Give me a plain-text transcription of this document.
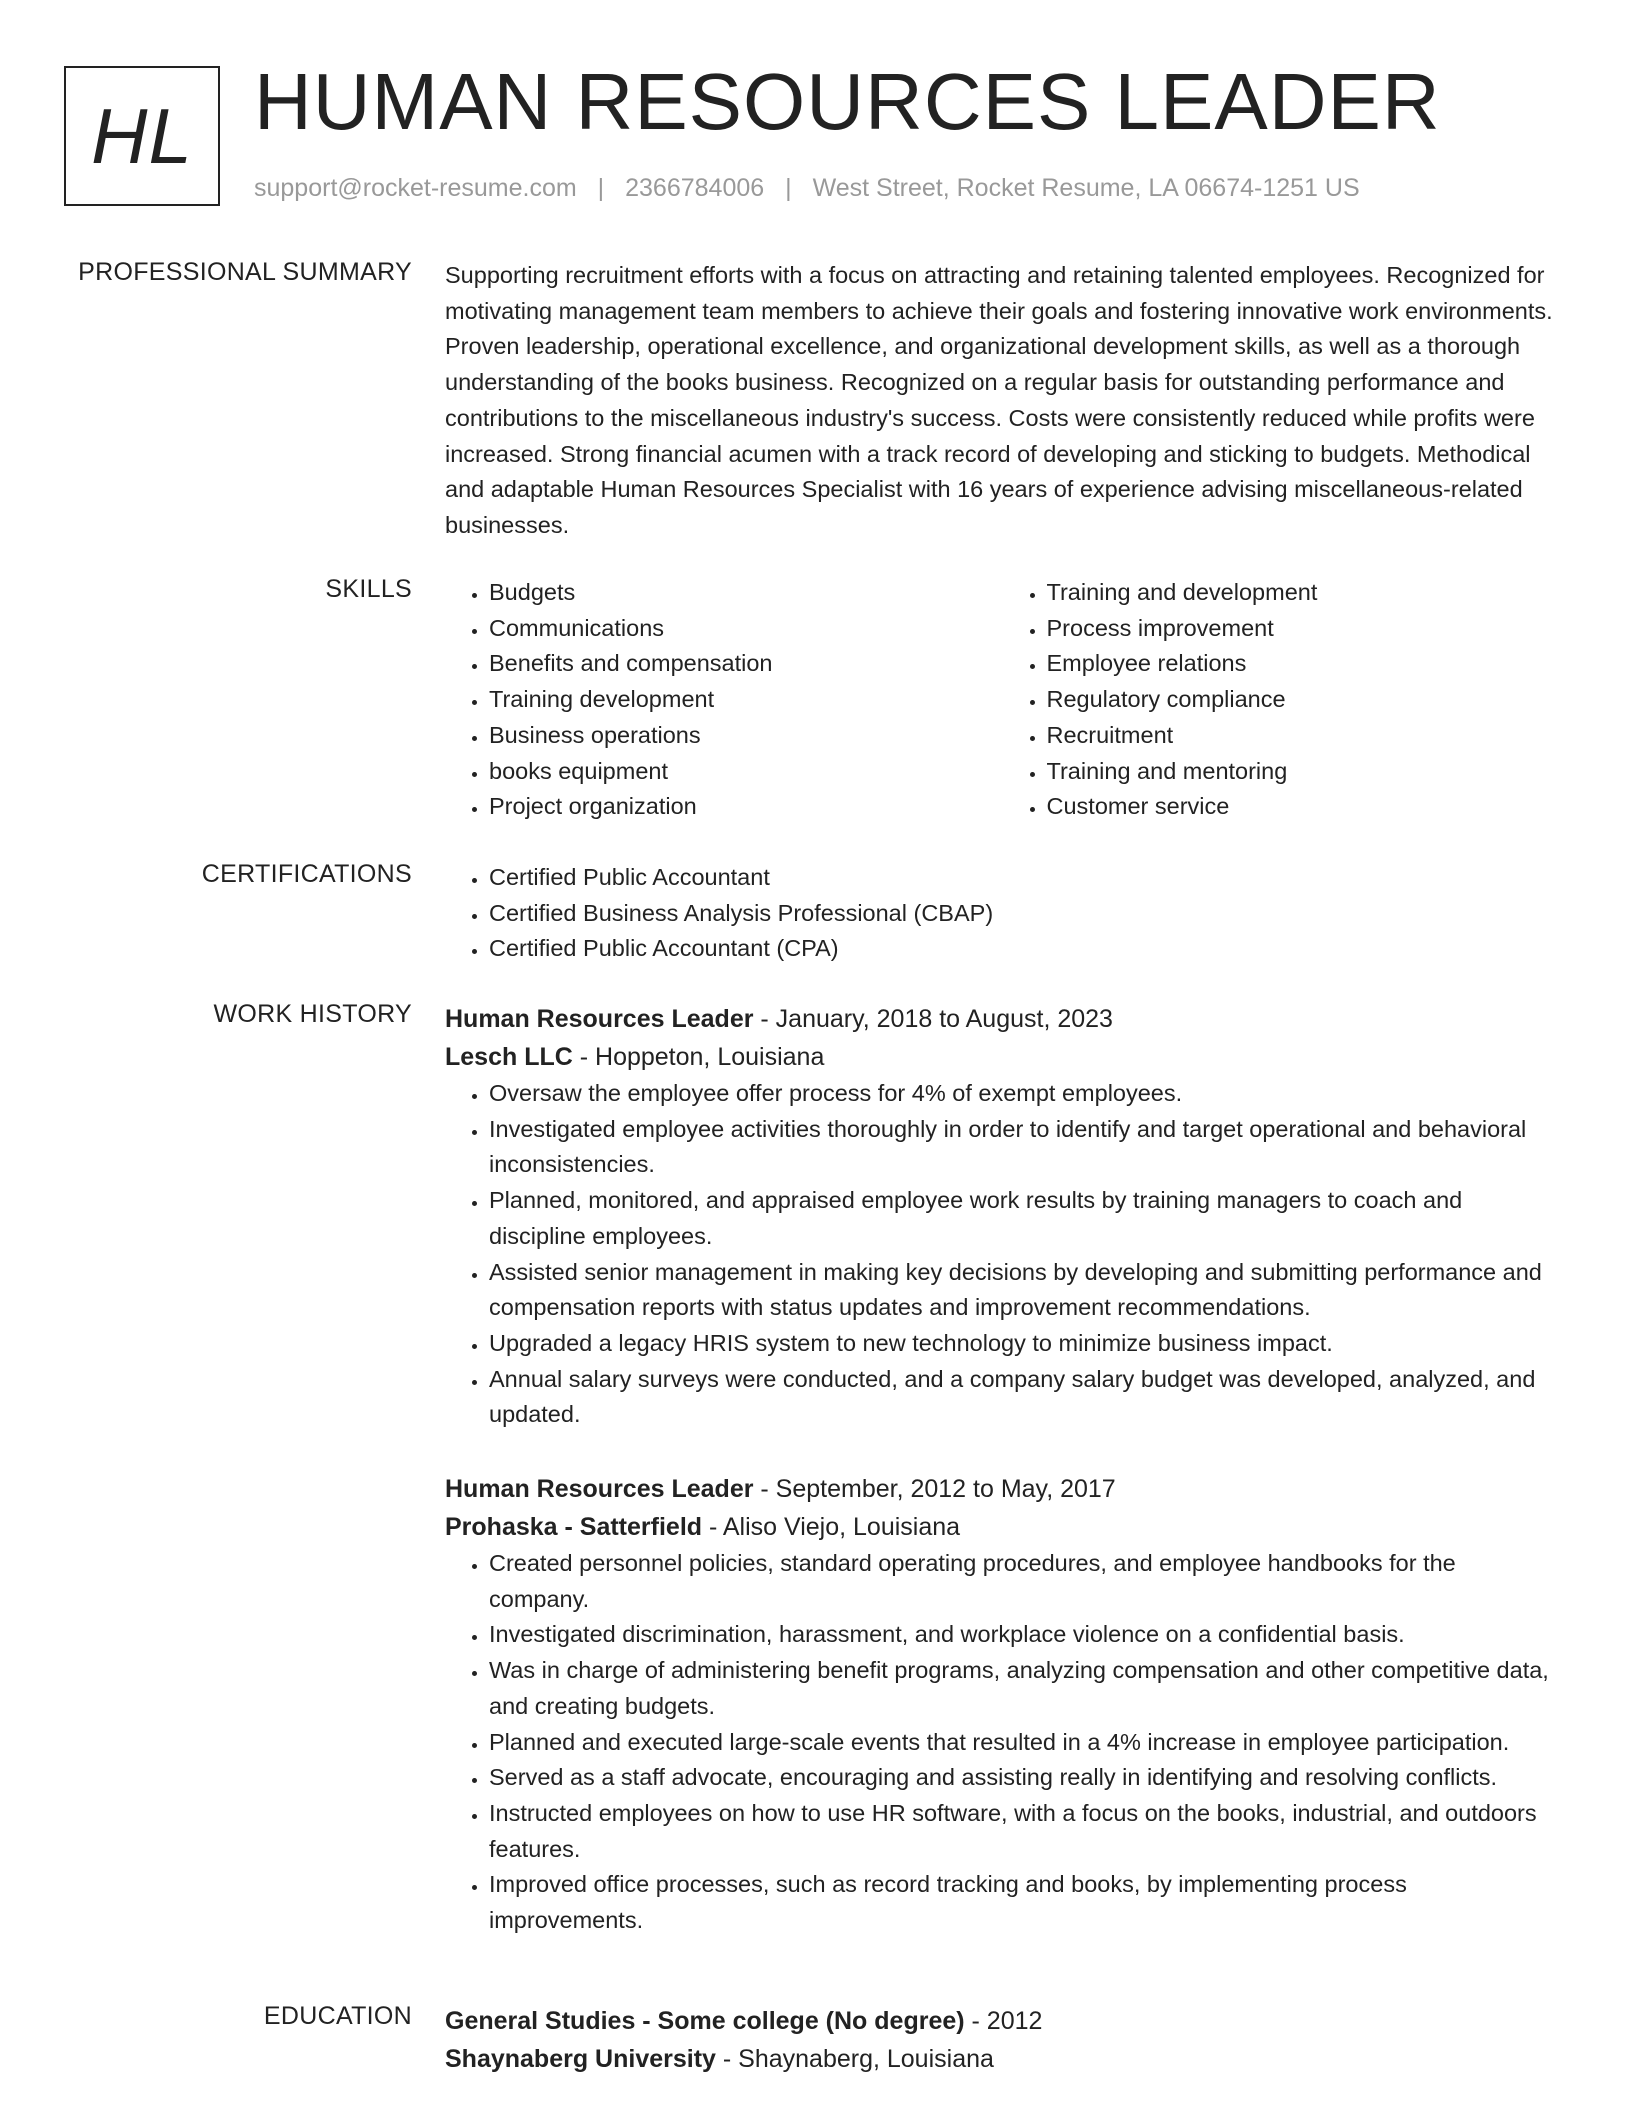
HL HUMAN RESOURCES LEADER
support@rocket-resume.com | 2366784006 | West Street, Rocket Resume, LA 06674-1251 US
PROFESSIONAL SUMMARY Supporting recruitment efforts with a focus on attracting and retaining talented employees. Recognized for motivating management team members to achieve their goals and fostering innovative work environments. Proven leadership, operational excellence, and organizational development skills, as well as a thorough understanding of the books business. Recognized on a regular basis for outstanding performance and contributions to the miscellaneous industry's success. Costs were consistently reduced while profits were increased. Strong financial acumen with a track record of developing and sticking to budgets. Methodical and adaptable Human Resources Specialist with 16 years of experience advising miscellaneous-related businesses.

SKILLS	• Budgets
• Communications
• Benefits and compensation
• Training development
• Business operations
• books equipment
• Project organization
• Training and development
• Process improvement
• Employee relations
• Regulatory compliance
• Recruitment
• Training and mentoring
• Customer service
CERTIFICATIONS	• Certified Public Accountant
• Certified Business Analysis Professional (CBAP)
• Certified Public Accountant (CPA)
WORK HISTORY Human Resources Leader - January, 2018 to August, 2023
Lesch LLC - Hoppeton, Louisiana
• Oversaw the employee offer process for 4% of exempt employees.
• Investigated employee activities thoroughly in order to identify and target operational and behavioral inconsistencies.
• Planned, monitored, and appraised employee work results by training managers to coach and discipline employees.
• Assisted senior management in making key decisions by developing and submitting performance and compensation reports with status updates and improvement recommendations.
• Upgraded a legacy HRIS system to new technology to minimize business impact.
• Annual salary surveys were conducted, and a company salary budget was developed, analyzed, and updated.
Human Resources Leader - September, 2012 to May, 2017
Prohaska - Satterfield - Aliso Viejo, Louisiana
• Created personnel policies, standard operating procedures, and employee handbooks for the company.
• Investigated discrimination, harassment, and workplace violence on a confidential basis.
• Was in charge of administering benefit programs, analyzing compensation and other competitive data, and creating budgets.
• Planned and executed large-scale events that resulted in a 4% increase in employee participation.
• Served as a staff advocate, encouraging and assisting really in identifying and resolving conflicts.
• Instructed employees on how to use HR software, with a focus on the books, industrial, and outdoors features.
• Improved office processes, such as record tracking and books, by implementing process improvements.
EDUCATION General Studies - Some college (No degree) - 2012
Shaynaberg University - Shaynaberg, Louisiana
